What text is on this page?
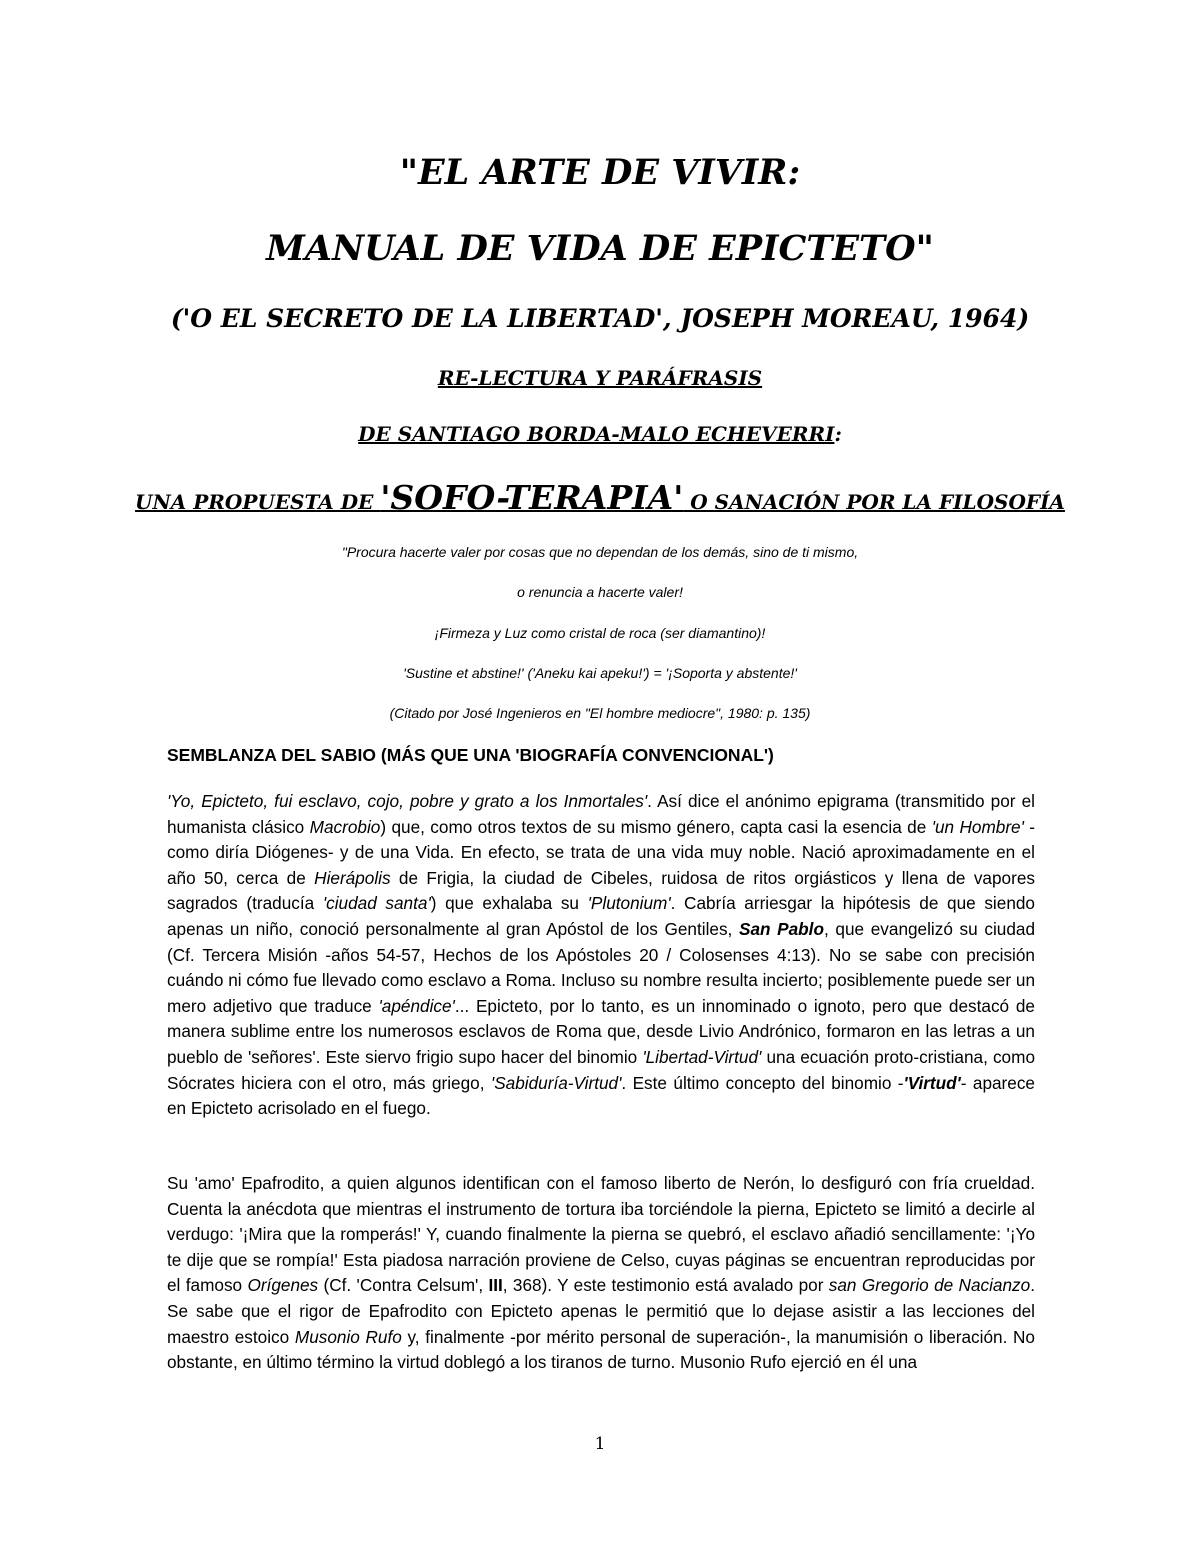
"EL ARTE DE VIVIR:
MANUAL DE VIDA DE EPICTETO"
('O EL SECRETO DE LA LIBERTAD', JOSEPH MOREAU, 1964)
RE-LECTURA Y PARÁFRASIS
DE SANTIAGO BORDA-MALO ECHEVERRI:
UNA PROPUESTA DE 'SOFO-TERAPIA' O SANACIÓN POR LA FILOSOFÍA
"Procura hacerte valer por cosas que no dependan de los demás, sino de ti mismo,
o renuncia a hacerte valer!
¡Firmeza y Luz como cristal de roca (ser diamantino)!
'Sustine et abstine!' ('Aneku kai apeku!') = '¡Soporta y abstente!'
(Citado por José Ingenieros en "El hombre mediocre", 1980: p. 135)
SEMBLANZA DEL SABIO (MÁS QUE UNA 'BIOGRAFÍA CONVENCIONAL')

'Yo, Epicteto, fui esclavo, cojo, pobre y grato a los Inmortales'. Así dice el anónimo epigrama (transmitido por el humanista clásico Macrobio) que, como otros textos de su mismo género, capta casi la esencia de 'un Hombre' -como diría Diógenes- y de una Vida. En efecto, se trata de una vida muy noble. Nació aproximadamente en el año 50, cerca de Hierápolis de Frigia, la ciudad de Cibeles, ruidosa de ritos orgiásticos y llena de vapores sagrados (traducía 'ciudad santa') que exhalaba su 'Plutonium'. Cabría arriesgar la hipótesis de que siendo apenas un niño, conoció personalmente al gran Apóstol de los Gentiles, San Pablo, que evangelizó su ciudad (Cf. Tercera Misión -años 54-57, Hechos de los Apóstoles 20 / Colosenses 4:13). No se sabe con precisión cuándo ni cómo fue llevado como esclavo a Roma. Incluso su nombre resulta incierto; posiblemente puede ser un mero adjetivo que traduce 'apéndice'... Epicteto, por lo tanto, es un innominado o ignoto, pero que destacó de manera sublime entre los numerosos esclavos de Roma que, desde Livio Andrónico, formaron en las letras a un pueblo de 'señores'. Este siervo frigio supo hacer del binomio 'Libertad-Virtud' una ecuación proto-cristiana, como Sócrates hiciera con el otro, más griego, 'Sabiduría-Virtud'. Este último concepto del binomio -'Virtud'- aparece en Epicteto acrisolado en el fuego.

Su 'amo' Epafrodito, a quien algunos identifican con el famoso liberto de Nerón, lo desfiguró con fría crueldad. Cuenta la anécdota que mientras el instrumento de tortura iba torciéndole la pierna, Epicteto se limitó a decirle al verdugo: '¡Mira que la romperás!' Y, cuando finalmente la pierna se quebró, el esclavo añadió sencillamente: '¡Yo te dije que se rompía!' Esta piadosa narración proviene de Celso, cuyas páginas se encuentran reproducidas por el famoso Orígenes (Cf. 'Contra Celsum', III, 368). Y este testimonio está avalado por san Gregorio de Nacianzo. Se sabe que el rigor de Epafrodito con Epicteto apenas le permitió que lo dejase asistir a las lecciones del maestro estoico Musonio Rufo y, finalmente -por mérito personal de superación-, la manumisión o liberación. No obstante, en último término la virtud doblegó a los tiranos de turno. Musonio Rufo ejerció en él una

1
